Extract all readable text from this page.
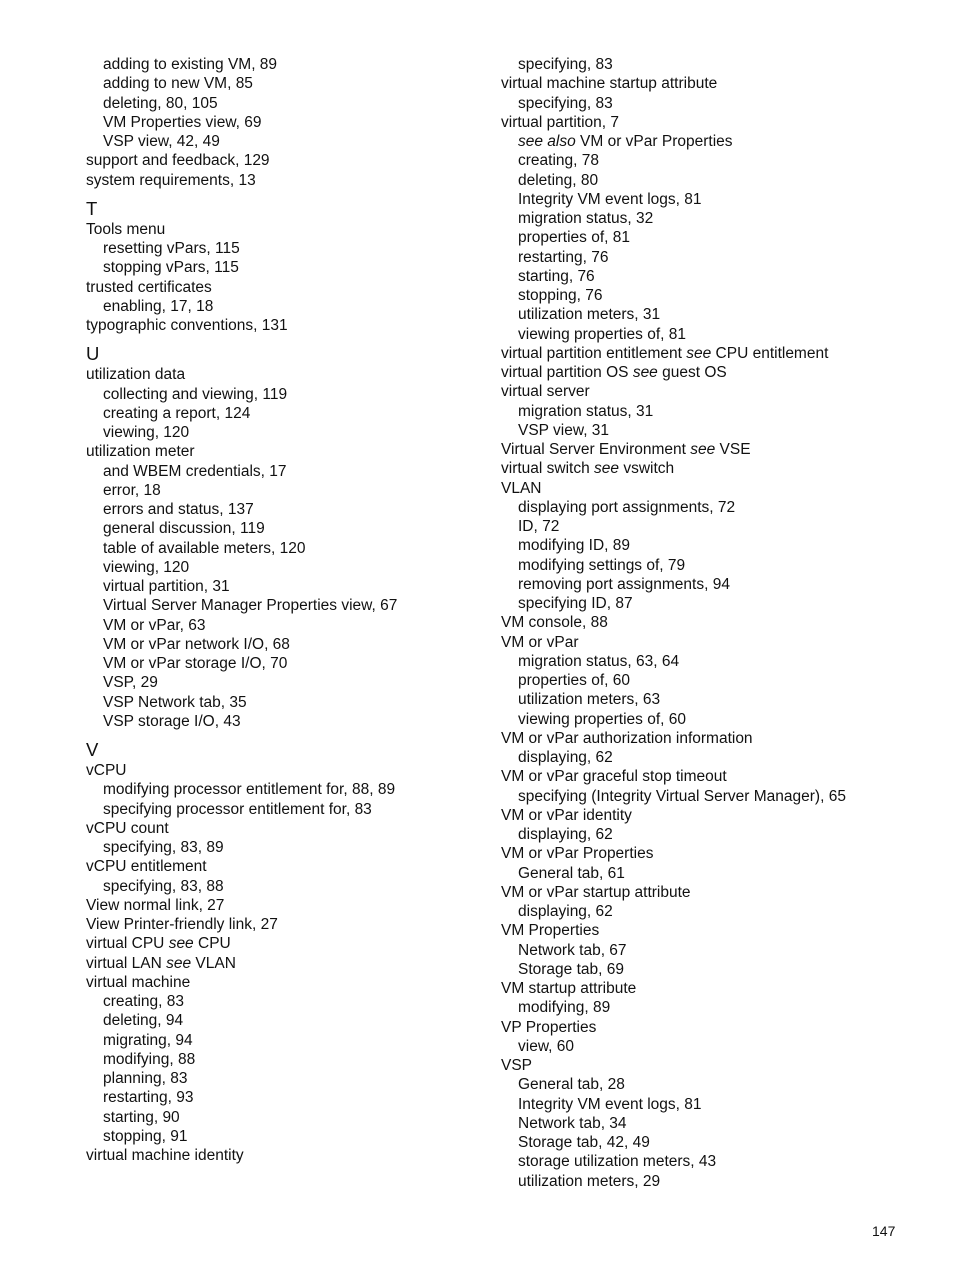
adding to existing VM, 89
adding to new VM, 85
deleting, 80, 105
VM Properties view, 69
VSP view, 42, 49
support and feedback, 129
system requirements, 13
T
Tools menu
resetting vPars, 115
stopping vPars, 115
trusted certificates
enabling, 17, 18
typographic conventions, 131
U
utilization data
collecting and viewing, 119
creating a report, 124
viewing, 120
utilization meter
and WBEM credentials, 17
error, 18
errors and status, 137
general discussion, 119
table of available meters, 120
viewing, 120
virtual partition, 31
Virtual Server Manager Properties view, 67
VM or vPar, 63
VM or vPar network I/O, 68
VM or vPar storage I/O, 70
VSP, 29
VSP Network tab, 35
VSP storage I/O, 43
V
vCPU
modifying processor entitlement for, 88, 89
specifying processor entitlement for, 83
vCPU count
specifying, 83, 89
vCPU entitlement
specifying, 83, 88
View normal link, 27
View Printer-friendly link, 27
virtual CPU see CPU
virtual LAN see VLAN
virtual machine
creating, 83
deleting, 94
migrating, 94
modifying, 88
planning, 83
restarting, 93
starting, 90
stopping, 91
virtual machine identity
specifying, 83
virtual machine startup attribute
specifying, 83
virtual partition, 7
see also VM or vPar Properties
creating, 78
deleting, 80
Integrity VM event logs, 81
migration status, 32
properties of, 81
restarting, 76
starting, 76
stopping, 76
utilization meters, 31
viewing properties of, 81
virtual partition entitlement see CPU entitlement
virtual partition OS see guest OS
virtual server
migration status, 31
VSP view, 31
Virtual Server Environment see VSE
virtual switch see vswitch
VLAN
displaying port assignments, 72
ID, 72
modifying ID, 89
modifying settings of, 79
removing port assignments, 94
specifying ID, 87
VM console, 88
VM or vPar
migration status, 63, 64
properties of, 60
utilization meters, 63
viewing properties of, 60
VM or vPar authorization information
displaying, 62
VM or vPar graceful stop timeout
specifying (Integrity Virtual Server Manager), 65
VM or vPar identity
displaying, 62
VM or vPar Properties
General tab, 61
VM or vPar startup attribute
displaying, 62
VM Properties
Network tab, 67
Storage tab, 69
VM startup attribute
modifying, 89
VP Properties
view, 60
VSP
General tab, 28
Integrity VM event logs, 81
Network tab, 34
Storage tab, 42, 49
storage utilization meters, 43
utilization meters, 29
147
